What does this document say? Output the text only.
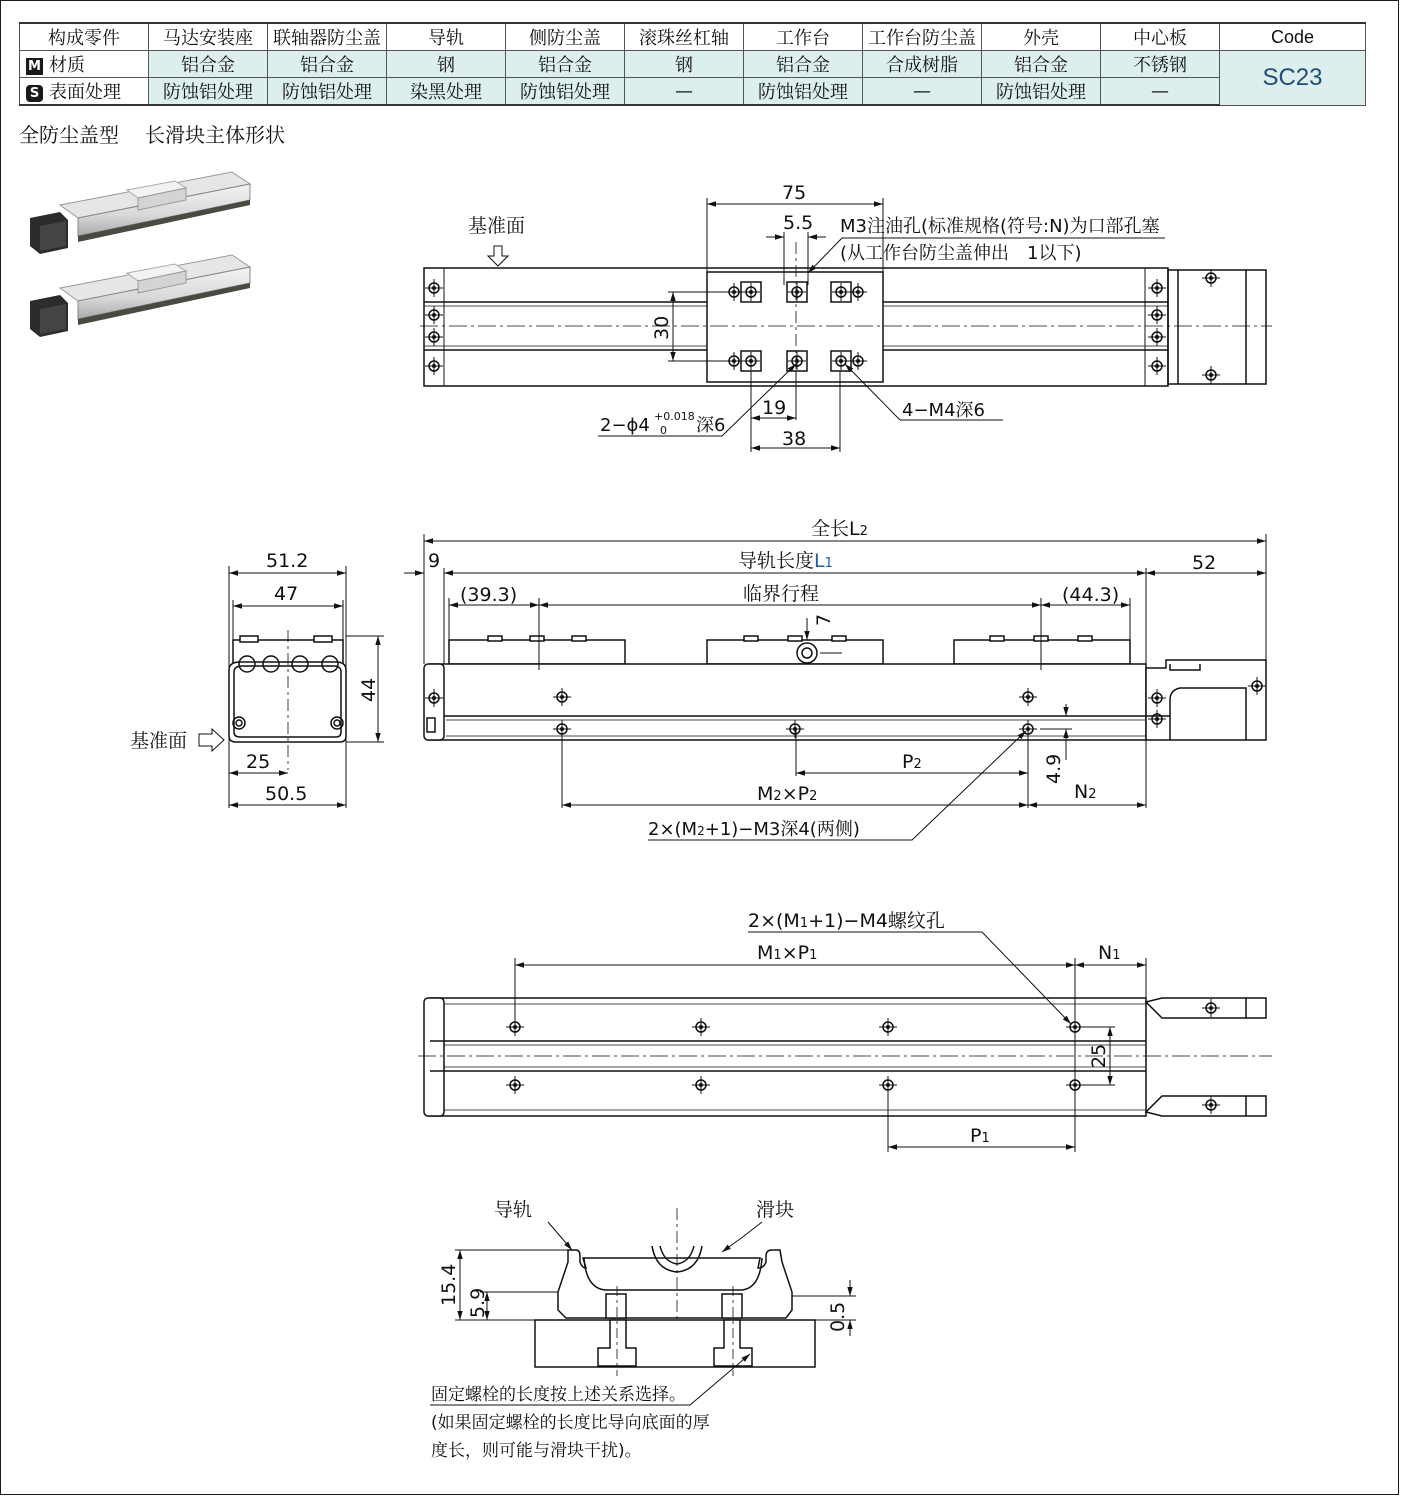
构成零件	马达安装座	联轴器防尘盖	导轨	侧防尘盖	滚珠丝杠轴	工作台	工作台防尘盖	外壳	中心板	Code
M 材质	铝合金	铝合金	钢	铝合金	钢	铝合金	合成树脂	铝合金	不锈钢	SC23
S 表面处理	防蚀铝处理	防蚀铝处理	染黑处理	防蚀铝处理	—	防蚀铝处理	—	防蚀铝处理	—	
全防尘盖型 长滑块主体形状
基准面
75
5.5 M3注油孔(标准规格(符号:N)为口部孔塞
(从工作台防尘盖伸出　1以下)
30
19
38
2−ϕ4 +0.018
0 深6
4−M4深6
51.2
47
44
25
50.5
基准面
全长L2
导轨长度L1
9	52
(39.3)	临界行程	(44.3)
7
4.9
P2
N2
M2×P2
2×(M2+1)−M3深4(两侧)
2×(M1+1)−M4螺纹孔
M1×P1	N1
25
P1
导轨	滑块
15.4 5.9	0.5
固定螺栓的长度按上述关系选择。
(如果固定螺栓的长度比导向底面的厚
度长，则可能与滑块干扰)。
